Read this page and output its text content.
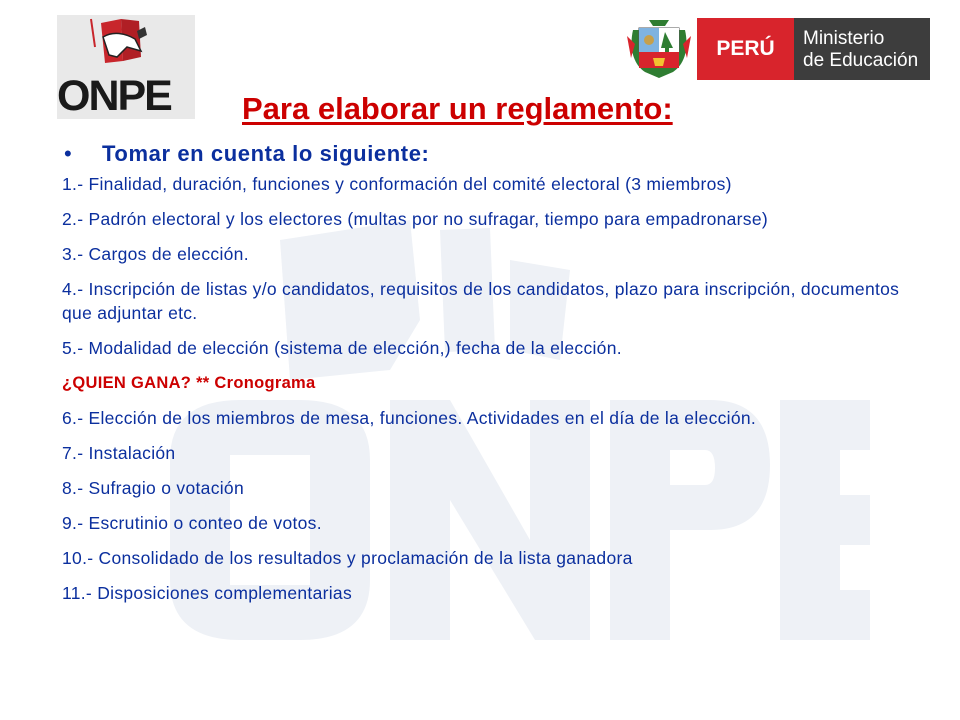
ONPE
PERÚ	Ministerio
de Educación
Para elaborar un reglamento:
• Tomar en cuenta lo siguiente:
1.- Finalidad, duración, funciones y conformación del comité electoral (3 miembros)
2.- Padrón electoral y los electores (multas por no sufragar, tiempo para empadronarse)
3.- Cargos de elección.
4.- Inscripción de listas y/o candidatos, requisitos de los candidatos, plazo para inscripción, documentos que adjuntar etc.
5.- Modalidad de elección (sistema de elección,) fecha de la elección.
¿QUIEN GANA? ** Cronograma
6.- Elección de los miembros de mesa, funciones. Actividades en el día de la elección.
7.- Instalación
8.- Sufragio o votación
9.- Escrutinio o conteo de votos.
10.- Consolidado de los resultados y proclamación de la lista ganadora
11.- Disposiciones complementarias
